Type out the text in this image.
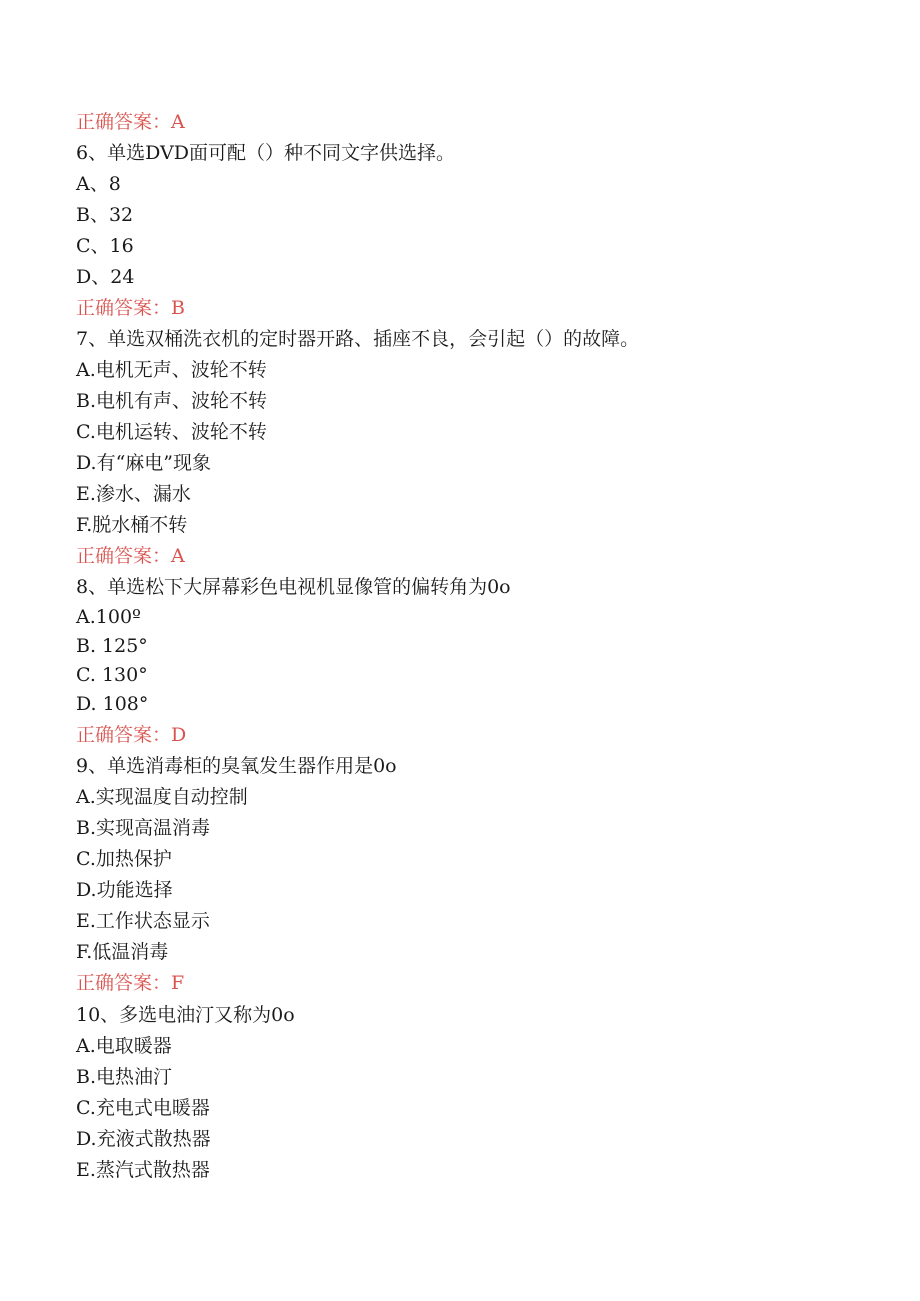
正确答案：A
6、单选DVD面可配（）种不同文字供选择。
A、8
B、32
C、16
D、24
正确答案：B
7、单选双桶洗衣机的定时器开路、插座不良，会引起（）的故障。
A.电机无声、波轮不转
B.电机有声、波轮不转
C.电机运转、波轮不转
D.有“麻电”现象
E.渗水、漏水
F.脱水桶不转
正确答案：A
8、单选松下大屏幕彩色电视机显像管的偏转角为0o
A.100º
B. 125°
C. 130°
D. 108°
正确答案：D
9、单选消毒柜的臭氧发生器作用是0o
A.实现温度自动控制
B.实现高温消毒
C.加热保护
D.功能选择
E.工作状态显示
F.低温消毒
正确答案：F
10、多选电油汀又称为0o
A.电取暖器
B.电热油汀
C.充电式电暖器
D.充液式散热器
E.蒸汽式散热器
